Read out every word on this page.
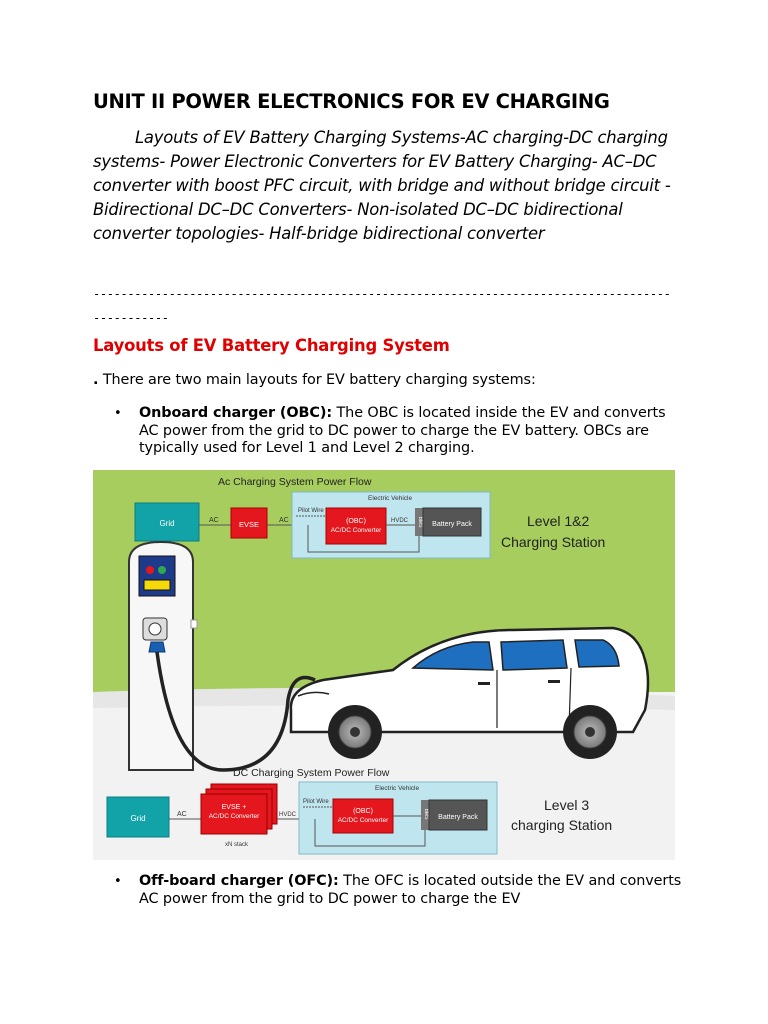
UNIT II POWER ELECTRONICS FOR EV CHARGING

Layouts of EV Battery Charging Systems-AC charging-DC charging systems- Power Electronic Converters for EV Battery Charging- AC–DC converter with boost PFC circuit, with bridge and without bridge circuit - Bidirectional DC–DC Converters- Non-isolated DC–DC bidirectional converter topologies- Half-bridge bidirectional converter

-----------------------------------------------------------------------------------------------

Layouts of EV Battery Charging System

. There are two main layouts for EV battery charging systems:

• Onboard charger (OBC): The OBC is located inside the EV and converts AC power from the grid to DC power to charge the EV battery. OBCs are typically used for Level 1 and Level 2 charging.

Ac Charging System Power Flow
Grid	AC	EVSE	AC
Electric Vehicle
Pilot Wire
(OBC)
AC/DC Converter
HVDC BMS Battery Pack	Level 1&2
Charging Station
DC Charging System Power Flow
Grid	AC
EVSE +
AC/DC Converter
xN stack
HVDC
Electric Vehicle
Pilot Wire
(OBC)
AC/DC Converter
BMS Battery Pack
Level 3
charging Station

• Off-board charger (OFC): The OFC is located outside the EV and converts AC power from the grid to DC power to charge the EV
